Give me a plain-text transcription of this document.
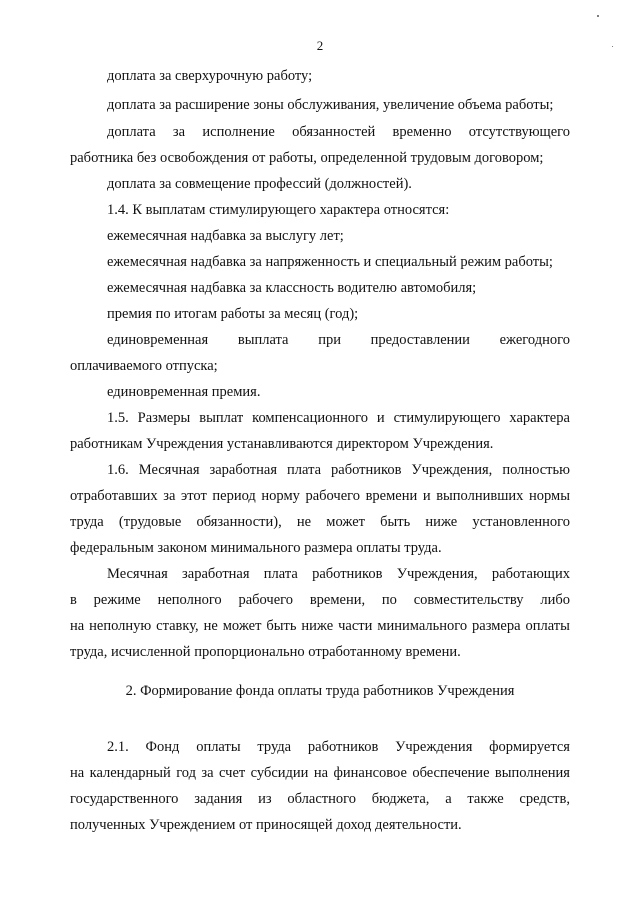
2
доплата за сверхурочную работу;
доплата за расширение зоны обслуживания, увеличение объема работы;
доплата за исполнение обязанностей временно отсутствующего
работника без освобождения от работы, определенной трудовым договором;
доплата за совмещение профессий (должностей).
1.4. К выплатам стимулирующего характера относятся:
ежемесячная надбавка за выслугу лет;
ежемесячная надбавка за напряженность и специальный режим работы;
ежемесячная надбавка за классность водителю автомобиля;
премия по итогам работы за месяц (год);
единовременная выплата при предоставлении ежегодного
оплачиваемого отпуска;
единовременная премия.
1.5. Размеры выплат компенсационного и стимулирующего характера
работникам Учреждения устанавливаются директором Учреждения.
1.6. Месячная заработная плата работников Учреждения, полностью
отработавших за этот период норму рабочего времени и выполнивших нормы
труда (трудовые обязанности), не может быть ниже установленного
федеральным законом минимального размера оплаты труда.
Месячная заработная плата работников Учреждения, работающих
в режиме неполного рабочего времени, по совместительству либо
на неполную ставку, не может быть ниже части минимального размера оплаты
труда, исчисленной пропорционально отработанному времени.
2. Формирование фонда оплаты труда работников Учреждения
2.1. Фонд оплаты труда работников Учреждения формируется
на календарный год за счет субсидии на финансовое обеспечение выполнения
государственного задания из областного бюджета, а также средств,
полученных Учреждением от приносящей доход деятельности.
